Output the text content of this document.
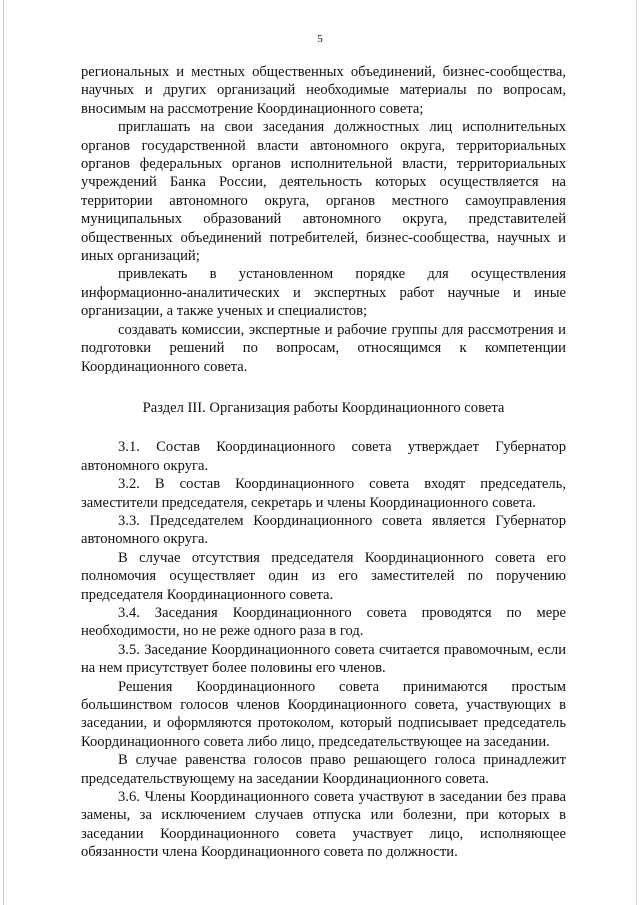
5

региональных и местных общественных объединений, бизнес-сообщества, научных и других организаций необходимые материалы по вопросам, вносимым на рассмотрение Координационного совета;

приглашать на свои заседания должностных лиц исполнительных органов государственной власти автономного округа, территориальных органов федеральных органов исполнительной власти, территориальных учреждений Банка России, деятельность которых осуществляется на территории автономного округа, органов местного самоуправления муниципальных образований автономного округа, представителей общественных объединений потребителей, бизнес-сообщества, научных и иных организаций;

привлекать в установленном порядке для осуществления информационно-аналитических и экспертных работ научные и иные организации, а также ученых и специалистов;

создавать комиссии, экспертные и рабочие группы для рассмотрения и подготовки решений по вопросам, относящимся к компетенции Координационного совета.

Раздел III. Организация работы Координационного совета

3.1. Состав Координационного совета утверждает Губернатор автономного округа.

3.2. В состав Координационного совета входят председатель, заместители председателя, секретарь и члены Координационного совета.

3.3. Председателем Координационного совета является Губернатор автономного округа.

В случае отсутствия председателя Координационного совета его полномочия осуществляет один из его заместителей по поручению председателя Координационного совета.

3.4. Заседания Координационного совета проводятся по мере необходимости, но не реже одного раза в год.

3.5. Заседание Координационного совета считается правомочным, если на нем присутствует более половины его членов.

Решения Координационного совета принимаются простым большинством голосов членов Координационного совета, участвующих в заседании, и оформляются протоколом, который подписывает председатель Координационного совета либо лицо, председательствующее на заседании.

В случае равенства голосов право решающего голоса принадлежит председательствующему на заседании Координационного совета.

3.6. Члены Координационного совета участвуют в заседании без права замены, за исключением случаев отпуска или болезни, при которых в заседании Координационного совета участвует лицо, исполняющее обязанности члена Координационного совета по должности.
